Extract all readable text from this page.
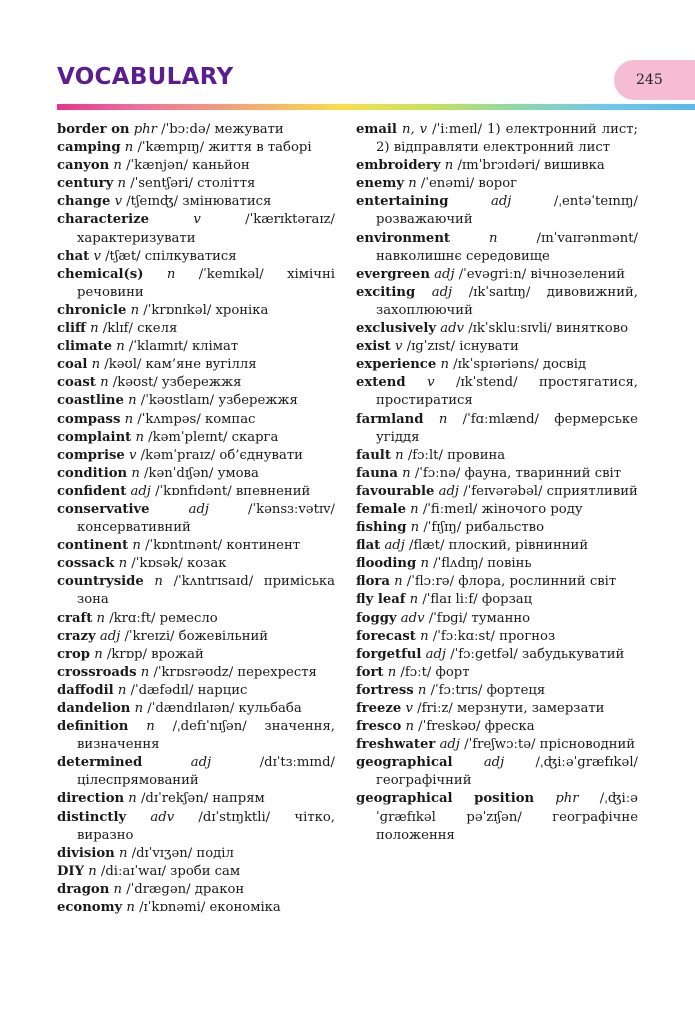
VOCABULARY	245

border on phr /ˈbɔːdə/ межувати

camping n /ˈkæmpɪŋ/ життя в таборі

canyon n /ˈkænjən/ каньйон

century n /ˈsentʃəri/ століття

change v /tʃeɪnʤ/ змінюватися

characterize	v /ˈkærɪktəraɪz/ характеризувати

chat v /tʃæt/ спілкуватися

chemical(s) n /ˈkemɪkəl/ хімічні речовини

chronicle n /ˈkrɒnɪkəl/ хроніка

cliff n /klɪf/ скеля

climate n /ˈklaɪmɪt/ клімат

coal n /kəʊl/ кам’яне вугілля

coast n /kəʊst/ узбережжя

coastline n /ˈkəʊstlaɪn/ узбережжя

compass n /ˈkʌmpəs/ компас

complaint n /kəmˈpleɪnt/ скарга

comprise v /kəmˈpraɪz/ об’єднувати

condition n /kənˈdɪʃən/ умова

confident adj /ˈkɒnfɪdənt/ впевнений

conservative	adj /ˈkənsɜːvətɪv/ консервативний

continent n /ˈkɒntɪnənt/ континент

cossack n /ˈkɒsək/ козак

countryside n /ˈkʌntrɪsaɪd/ приміська зона

craft n /krɑːft/ ремесло

crazy adj /ˈkreɪzi/ божевільний

crop n /krɒp/ врожай

crossroads n /ˈkrɒsrəʊdz/ перехрестя

daffodil n /ˈdæfədɪl/ нарцис

dandelion n /ˈdændɪlaɪən/ кульбаба

definition n /ˌdefɪˈnɪʃən/ значення, визначення

determined	adj /dɪˈtɜːmɪnd/ цілеспрямований

direction n /dɪˈrekʃən/ напрям

distinctly adv /dɪˈstɪŋktli/ чітко, виразно

division n /dɪˈvɪʒən/ поділ

DIY n /diːaɪˈwaɪ/ зроби сам

dragon n /ˈdræɡən/ дракон

economy n /ɪˈkɒnəmi/ економіка

email n, v /ˈiːmeɪl/ 1) електронний лист; 2) відправляти електронний лист

embroidery n /ɪmˈbrɔɪdəri/ вишивка

enemy n /ˈenəmi/ ворог

entertaining	adj /ˌentəˈteɪnɪŋ/ розважаючий

environment	n /ɪnˈvaɪrənmənt/ навколишнє середовище

evergreen adj /ˈevəɡriːn/ вічнозелений

exciting adj /ɪkˈsaɪtɪŋ/ дивовижний, захоплюючий

exclusively adv /ɪkˈskluːsɪvli/ винятково

exist v /ɪɡˈzɪst/ існувати

experience n /ɪkˈspɪəriəns/ досвід

extend v /ɪkˈstend/ простягатися, простиратися

farmland n /ˈfɑːmlænd/ фермерське угіддя

fault n /fɔːlt/ провина

fauna n /ˈfɔːnə/ фауна, тваринний світ

favourable adj /ˈfeɪvərəbəl/ сприятливий

female n /ˈfiːmeɪl/ жіночого роду

fishing n /ˈfɪʃɪŋ/ рибальство

flat adj /flæt/ плоский, рівнинний

flooding n /ˈflʌdɪŋ/ повінь

flora n /ˈflɔːrə/ флора, рослинний світ

fly leaf n /ˈflaɪ liːf/ форзац

foggy adv /ˈfɒɡi/ туманно

forecast n /ˈfɔːkɑːst/ прогноз

forgetful adj /ˈfɔːɡetfəl/ забудькуватий

fort n /fɔːt/ форт

fortress n /ˈfɔːtrɪs/ фортеця

freeze v /friːz/ мерзнути, замерзати

fresco n /ˈfreskəʊ/ фреска

freshwater adj /ˈfreʃwɔːtə/ прісноводний

geographical adj /ˌʤiːəˈɡræfɪkəl/ географічний

geographical position phr /ˌʤiːəˈɡræfɪkəl pəˈzɪʃən/ географічне положення
